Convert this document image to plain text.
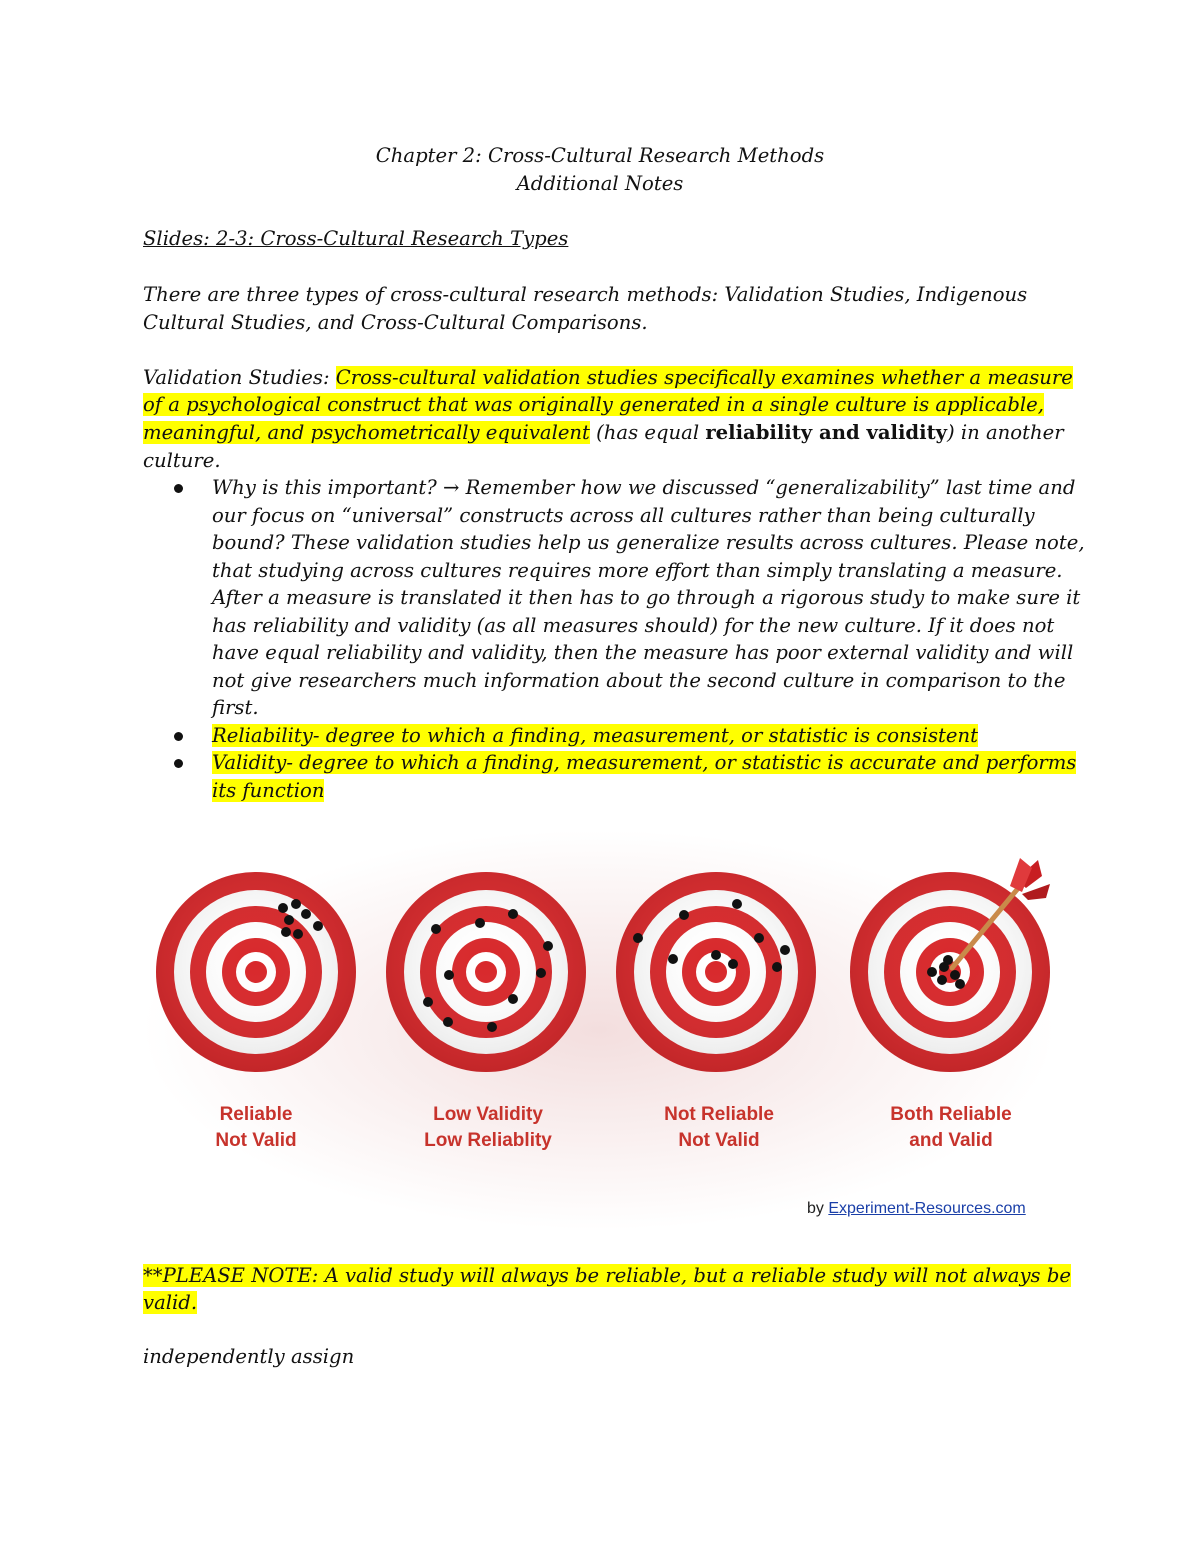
Chapter 2: Cross-Cultural Research Methods
Additional Notes

Slides: 2-3: Cross-Cultural Research Types

There are three types of cross-cultural research methods: Validation Studies, Indigenous

Cultural Studies, and Cross-Cultural Comparisons.

Validation Studies: Cross-cultural validation studies specifically examines whether a measure

of a psychological construct that was originally generated in a single culture is applicable,

meaningful, and psychometrically equivalent (has equal reliability and validity) in another

culture.

Why is this important? → Remember how we discussed “generalizability” last time and
our focus on “universal” constructs across all cultures rather than being culturally
bound? These validation studies help us generalize results across cultures. Please note,
that studying across cultures requires more effort than simply translating a measure.
After a measure is translated it then has to go through a rigorous study to make sure it
has reliability and validity (as all measures should) for the new culture. If it does not
have equal reliability and validity, then the measure has poor external validity and will
not give researchers much information about the second culture in comparison to the
first.
Reliability- degree to which a finding, measurement, or statistic is consistent
Validity- degree to which a finding, measurement, or statistic is accurate and performs
its function
Reliable
Not Valid
Low Validity
Low Reliablity
Not Reliable
Not Valid
Both Reliable
and Valid
by Experiment-Resources.com

**PLEASE NOTE: A valid study will always be reliable, but a reliable study will not always be

valid.

independently assign
